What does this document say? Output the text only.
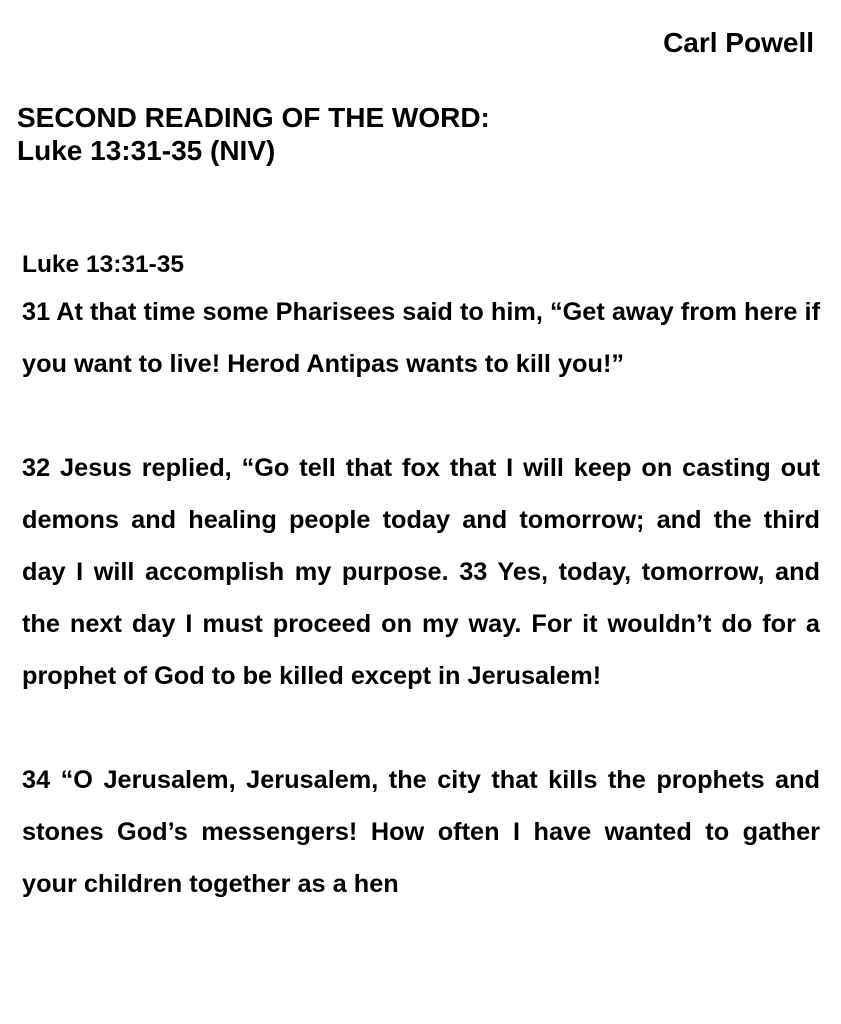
Carl Powell

SECOND READING OF THE WORD:
Luke 13:31-35 (NIV)

Luke 13:31-35

31 At that time some Pharisees said to him, “Get away from here if you want to live! Herod Antipas wants to kill you!”

32 Jesus replied, “Go tell that fox that I will keep on casting out demons and healing people today and tomorrow; and the third day I will accomplish my purpose. 33 Yes, today, tomorrow, and the next day I must proceed on my way. For it wouldn’t do for a prophet of God to be killed except in Jerusalem!

34 “O Jerusalem, Jerusalem, the city that kills the prophets and stones God’s messengers! How often I have wanted to gather your children together as a hen
